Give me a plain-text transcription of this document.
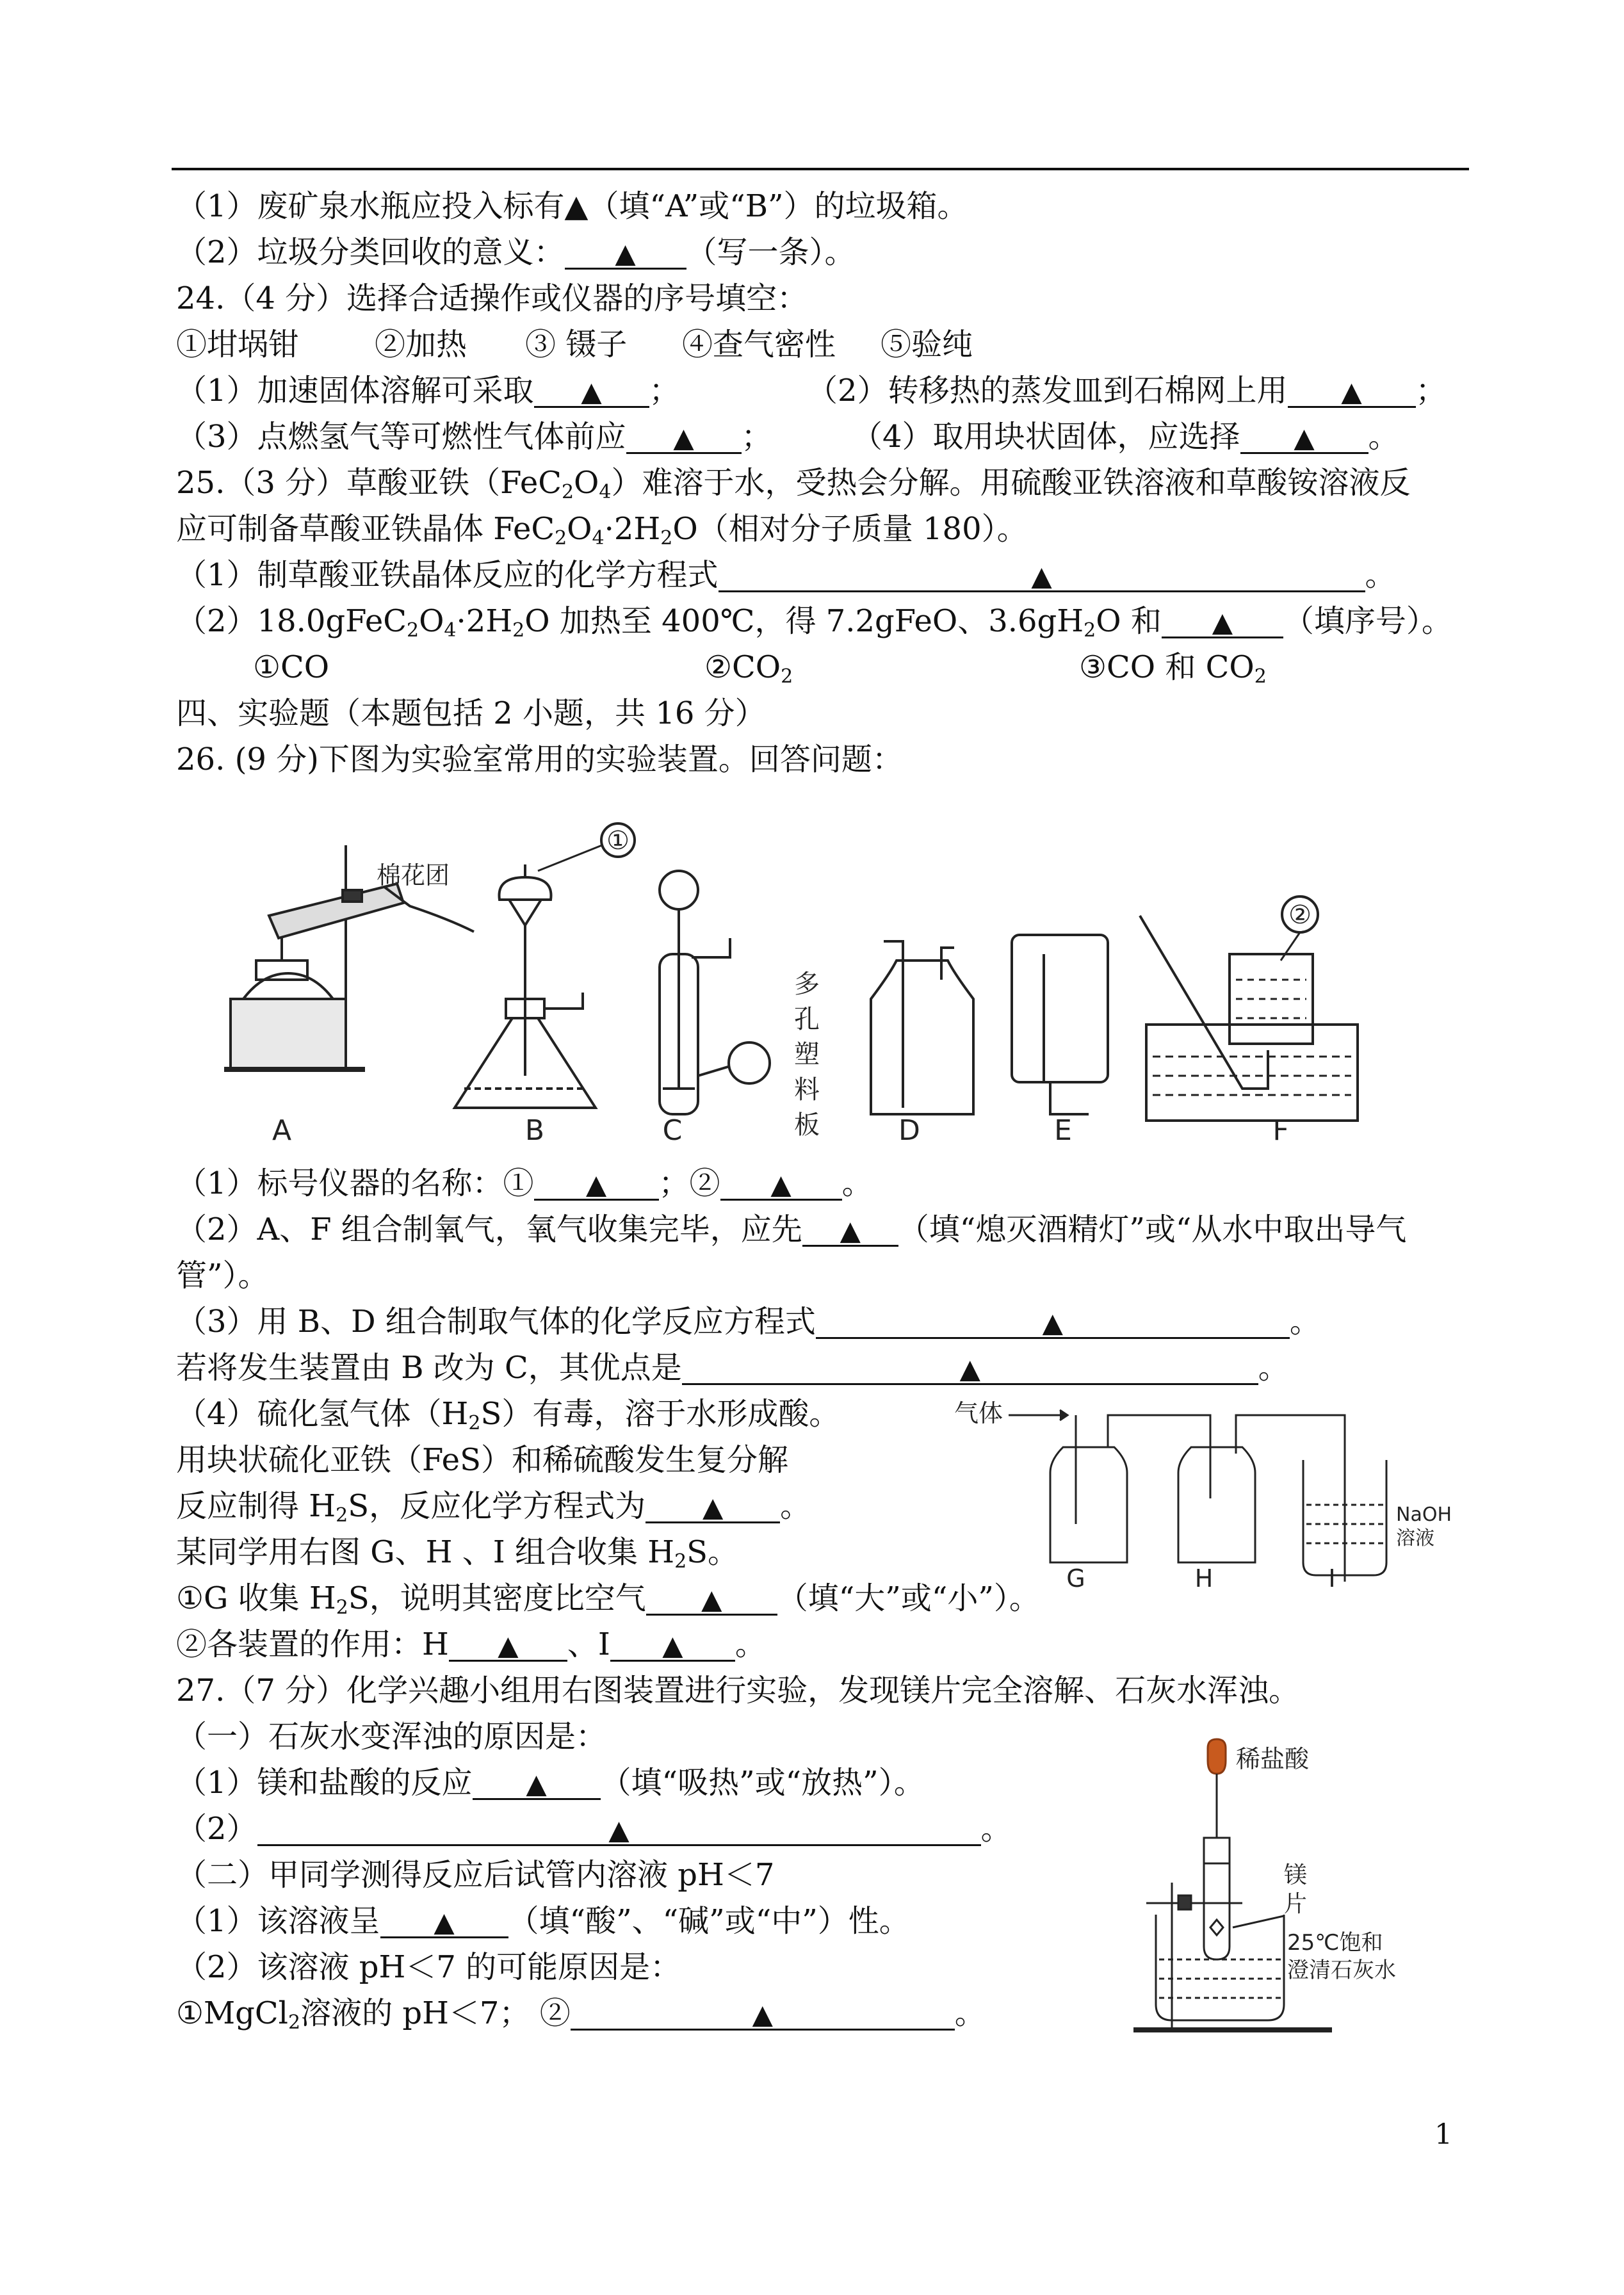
（1）废矿泉水瓶应投入标有▲（填“A”或“B”）的垃圾箱。
（2）垃圾分类回收的意义： ▲ （写一条）。
24.（4 分）选择合适操作或仪器的序号填空：
①坩埚钳 ②加热 ③ 镊子 ④查气密性 ⑤验纯
（1）加速固体溶解可采取 ▲ ；	（2）转移热的蒸发皿到石棉网上用 ▲ ；
（3）点燃氢气等可燃性气体前应 ▲ ；	（4）取用块状固体，应选择 ▲ 。
25.（3 分）草酸亚铁$(FeC_2O_4)$难溶于水，受热会分解。用硫酸亚铁溶液和草酸铵溶液反
应可制备草酸亚铁晶体 $FeC_2O_4\cdot 2H_2O$（相对分子质量 180）。
（1）制草酸亚铁晶体反应的化学方程式	▲	。
$(2)18.0gFeC_2O_4\cdot 2H_2O$ 加热至 400℃，得 7.2gFeO、$3.6gH_2O$ 和 ▲ （填序号）。
①CO	$②CO_2$	③CO 和 $CO_2$
四、实验题（本题包括 2 小题，共 16 分）
26. (9 分)下图为实验室常用的实验装置。回答问题：
棉花团
①
多 孔 塑 料 板
②
A	B	C	D	E	F
（1）标号仪器的名称：① ▲ ；② ▲ 。
（2）A、F 组合制氧气，氧气收集完毕，应先 ▲ （填“熄灭酒精灯”或“从水中取出导气
管”）。
（3）用 B、D 组合制取气体的化学反应方程式	▲	。
若将发生装置由 B 改为 C，其优点是	▲	。
（4）硫化氢气体$(H_2S)$有毒，溶于水形成酸。
用块状硫化亚铁（FeS）和稀硫酸发生复分解
反应制得 $H_2S$，反应化学方程式为 ▲ 。
某同学用右图 G、H 、I 组合收集 $H_2S$。
气体
NaOH
溶液
G	H	I
①G 收集 $H_2S$，说明其密度比空气 ▲ （填“大”或“小”）。
②各装置的作用：H ▲ 、I ▲ 。
27.（7 分）化学兴趣小组用右图装置进行实验，发现镁片完全溶解、石灰水浑浊。
（一）石灰水变浑浊的原因是：
（1）镁和盐酸的反应 ▲ （填“吸热”或“放热”）。
（2）	▲	。
（二）甲同学测得反应后试管内溶液 pH＜7
（1）该溶液呈 ▲ （填“酸”、“碱”或“中”）性。
（2）该溶液 pH＜7 的可能原因是：
①MgCl$_2$溶液的 pH＜7； ②	▲	。
稀盐酸
镁
片
25℃饱和
澄清石灰水
1
